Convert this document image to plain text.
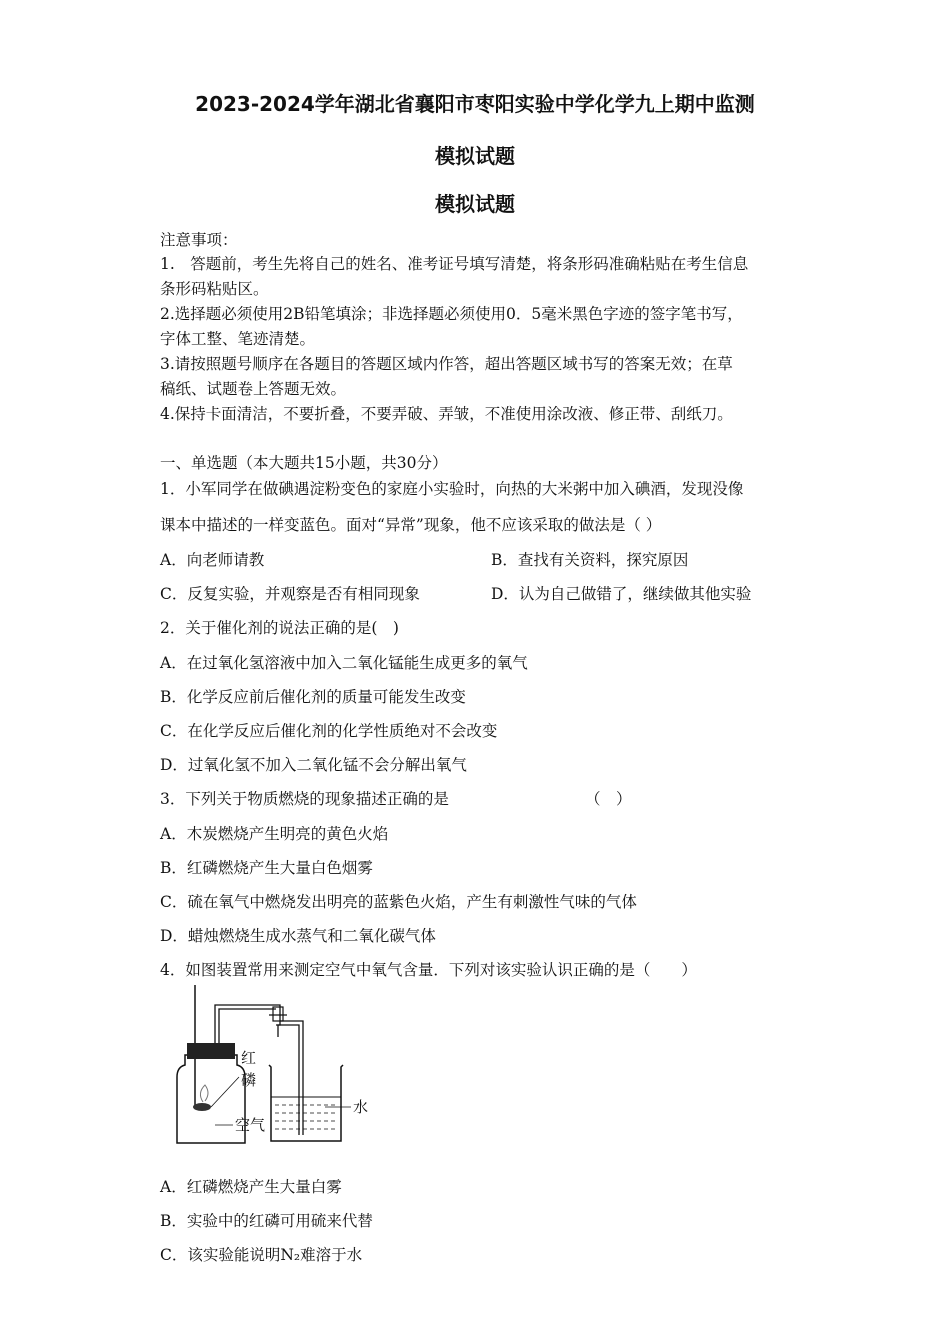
2023-2024学年湖北省襄阳市枣阳实验中学化学九上期中监测
模拟试题
模拟试题
注意事项：
1.　答题前，考生先将自己的姓名、准考证号填写清楚，将条形码准确粘贴在考生信息
条形码粘贴区。
2.选择题必须使用2B铅笔填涂；非选择题必须使用0．5毫米黑色字迹的签字笔书写，
字体工整、笔迹清楚。
3.请按照题号顺序在各题目的答题区域内作答，超出答题区域书写的答案无效；在草
稿纸、试题卷上答题无效。
4.保持卡面清洁，不要折叠，不要弄破、弄皱，不准使用涂改液、修正带、刮纸刀。
一、单选题（本大题共15小题，共30分）
1．小军同学在做碘遇淀粉变色的家庭小实验时，向热的大米粥中加入碘酒，发现没像
课本中描述的一样变蓝色。面对“异常”现象，他不应该采取的做法是（ ）
A．向老师请教	B．查找有关资料，探究原因
C．反复实验，并观察是否有相同现象	D．认为自己做错了，继续做其他实验
2．关于催化剂的说法正确的是(　)
A．在过氧化氢溶液中加入二氧化锰能生成更多的氧气
B．化学反应前后催化剂的质量可能发生改变
C．在化学反应后催化剂的化学性质绝对不会改变
D．过氧化氢不加入二氧化锰不会分解出氧气
3．下列关于物质燃烧的现象描述正确的是	（　）
A．木炭燃烧产生明亮的黄色火焰
B．红磷燃烧产生大量白色烟雾
C．硫在氧气中燃烧发出明亮的蓝紫色火焰，产生有刺激性气味的气体
D．蜡烛燃烧生成水蒸气和二氧化碳气体
4．如图装置常用来测定空气中氧气含量．下列对该实验认识正确的是（　　）
红
磷
空气
水
A．红磷燃烧产生大量白雾
B．实验中的红磷可用硫来代替
C．该实验能说明N₂难溶于水
